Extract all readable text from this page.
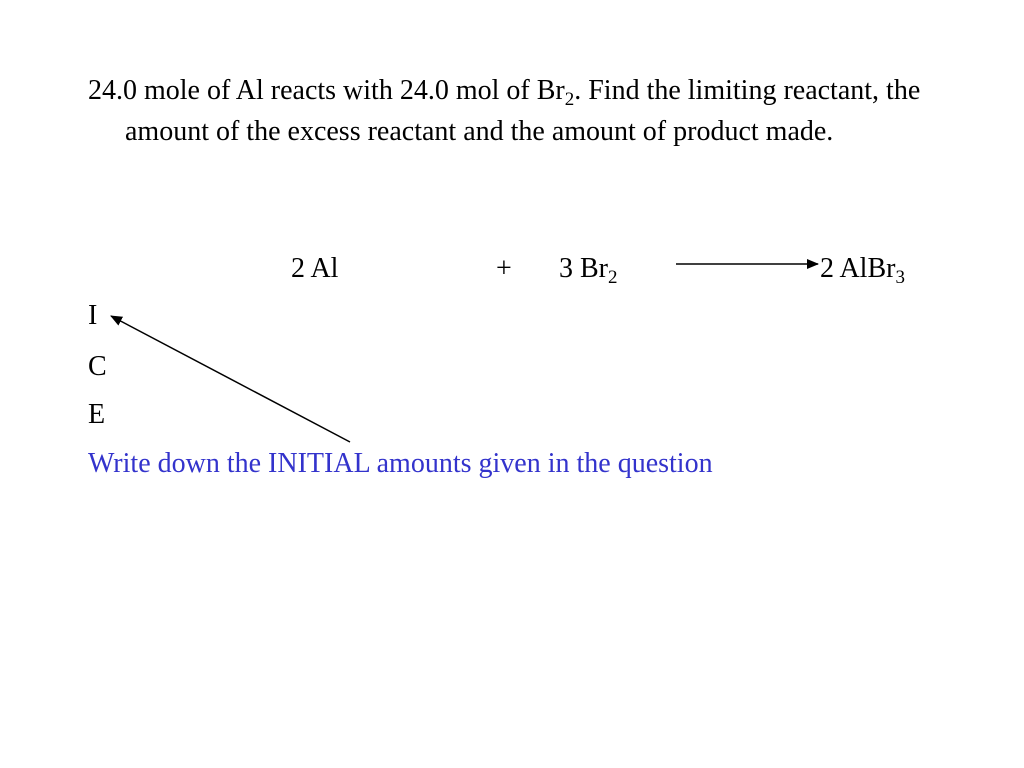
24.0 mole of Al reacts with 24.0 mol of $Br_2$. Find the limiting reactant, the amount of the excess reactant and the amount of product made.
2 Al	+ 3 $Br_2$	2 AlBr$_3$
I
C
E
Write down the INITIAL amounts given in the question
